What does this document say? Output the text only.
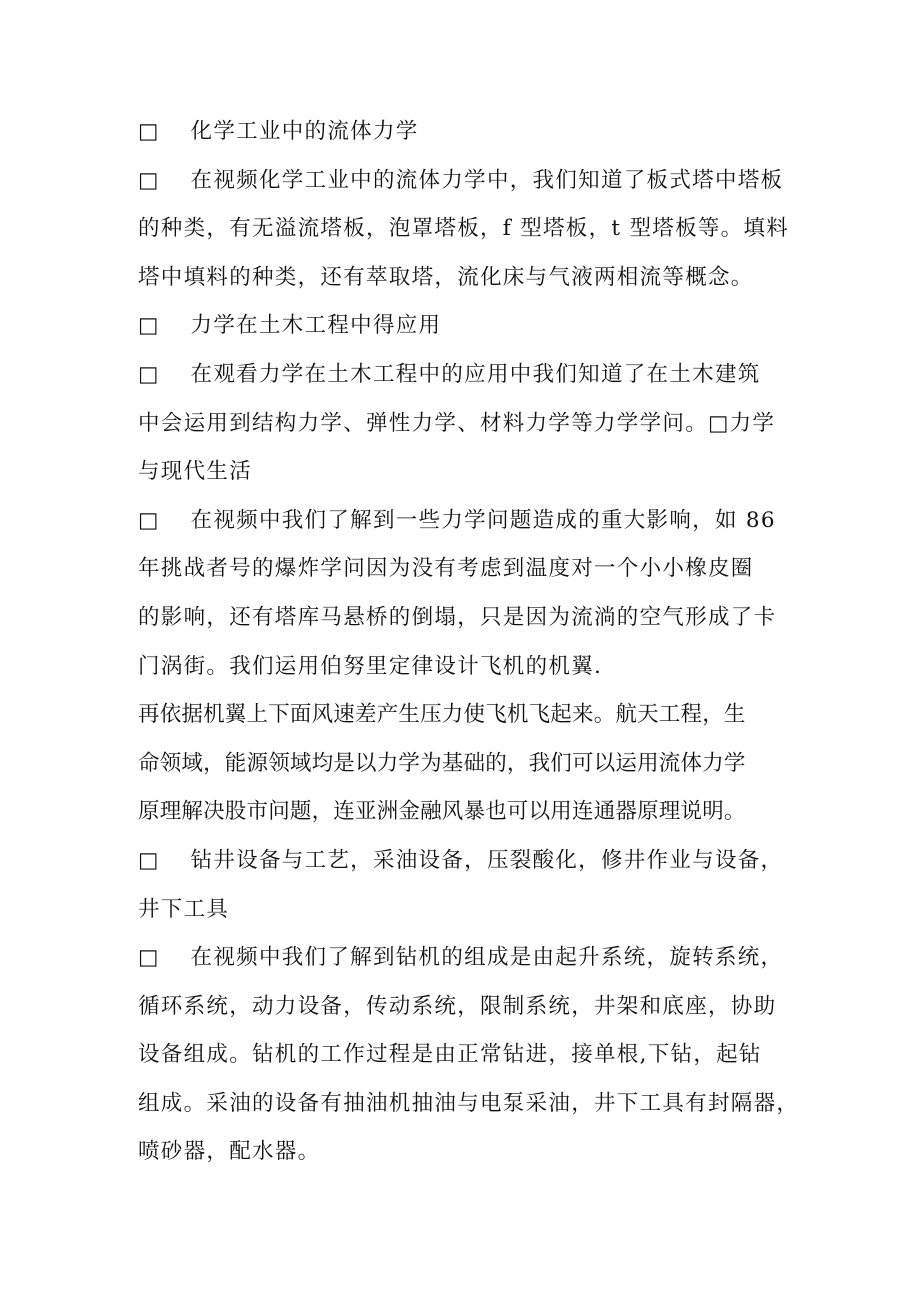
□　 化学工业中的流体力学
□　 在视频化学工业中的流体力学中，我们知道了板式塔中塔板
的种类，有无溢流塔板，泡罩塔板，f 型塔板，t 型塔板等。填料
塔中填料的种类，还有萃取塔，流化床与气液两相流等概念。
□　 力学在土木工程中得应用
□　 在观看力学在土木工程中的应用中我们知道了在土木建筑
中会运用到结构力学、弹性力学、材料力学等力学学问。□力学
与现代生活
□　 在视频中我们了解到一些力学问题造成的重大影响，如 86
年挑战者号的爆炸学问因为没有考虑到温度对一个小小橡皮圈
的影响，还有塔库马悬桥的倒塌，只是因为流淌的空气形成了卡
门涡街。我们运用伯努里定律设计飞机的机翼.
再依据机翼上下面风速差产生压力使飞机飞起来。航天工程，生
命领域，能源领域均是以力学为基础的，我们可以运用流体力学
原理解决股市问题，连亚洲金融风暴也可以用连通器原理说明。
□　 钻井设备与工艺，采油设备，压裂酸化，修井作业与设备，
井下工具
□　 在视频中我们了解到钻机的组成是由起升系统，旋转系统，
循环系统，动力设备，传动系统，限制系统，井架和底座，协助
设备组成。钻机的工作过程是由正常钻进，接单根,下钻，起钻
组成。采油的设备有抽油机抽油与电泵采油，井下工具有封隔器，
喷砂器，配水器。
